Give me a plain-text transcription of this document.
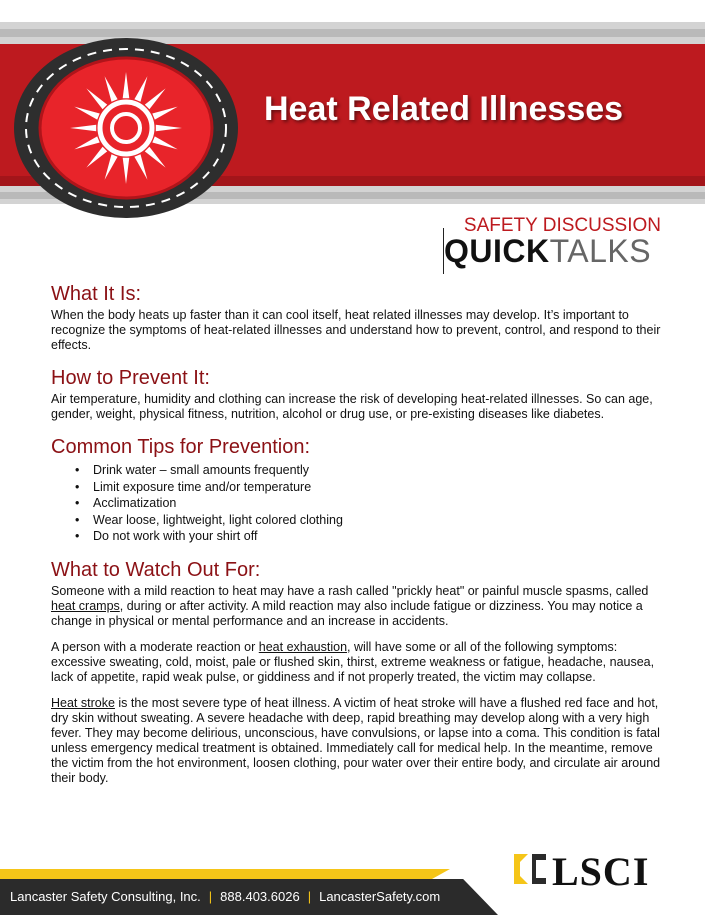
Heat Related Illnesses
SAFETY DISCUSSION
QUICKTALKS
What It Is:

When the body heats up faster than it can cool itself, heat related illnesses may develop. It’s important to recognize the symptoms of heat-related illnesses and understand how to prevent, control, and respond to their effects.

How to Prevent It:

Air temperature, humidity and clothing can increase the risk of developing heat-related illnesses. So can age, gender, weight, physical fitness, nutrition, alcohol or drug use, or pre-existing diseases like diabetes.

Common Tips for Prevention:
• Drink water – small amounts frequently
• Limit exposure time and/or temperature
• Acclimatization
• Wear loose, lightweight, light colored clothing
• Do not work with your shirt off
What to Watch Out For:

Someone with a mild reaction to heat may have a rash called "prickly heat" or painful muscle spasms, called heat cramps, during or after activity. A mild reaction may also include fatigue or dizziness. You may notice a change in physical or mental performance and an increase in accidents.

A person with a moderate reaction or heat exhaustion, will have some or all of the following symptoms: excessive sweating, cold, moist, pale or flushed skin, thirst, extreme weakness or fatigue, headache, nausea, lack of appetite, rapid weak pulse, or giddiness and if not properly treated, the victim may collapse.

Heat stroke is the most severe type of heat illness. A victim of heat stroke will have a flushed red face and hot, dry skin without sweating. A severe headache with deep, rapid breathing may develop along with a very high fever. They may become delirious, unconscious, have convulsions, or lapse into a coma. This condition is fatal unless emergency medical treatment is obtained. Immediately call for medical help. In the meantime, remove the victim from the hot environment, loosen clothing, pour water over their entire body, and circulate air around their body.

Lancaster Safety Consulting, Inc. | 888.403.6026 | LancasterSafety.com
LSCI
